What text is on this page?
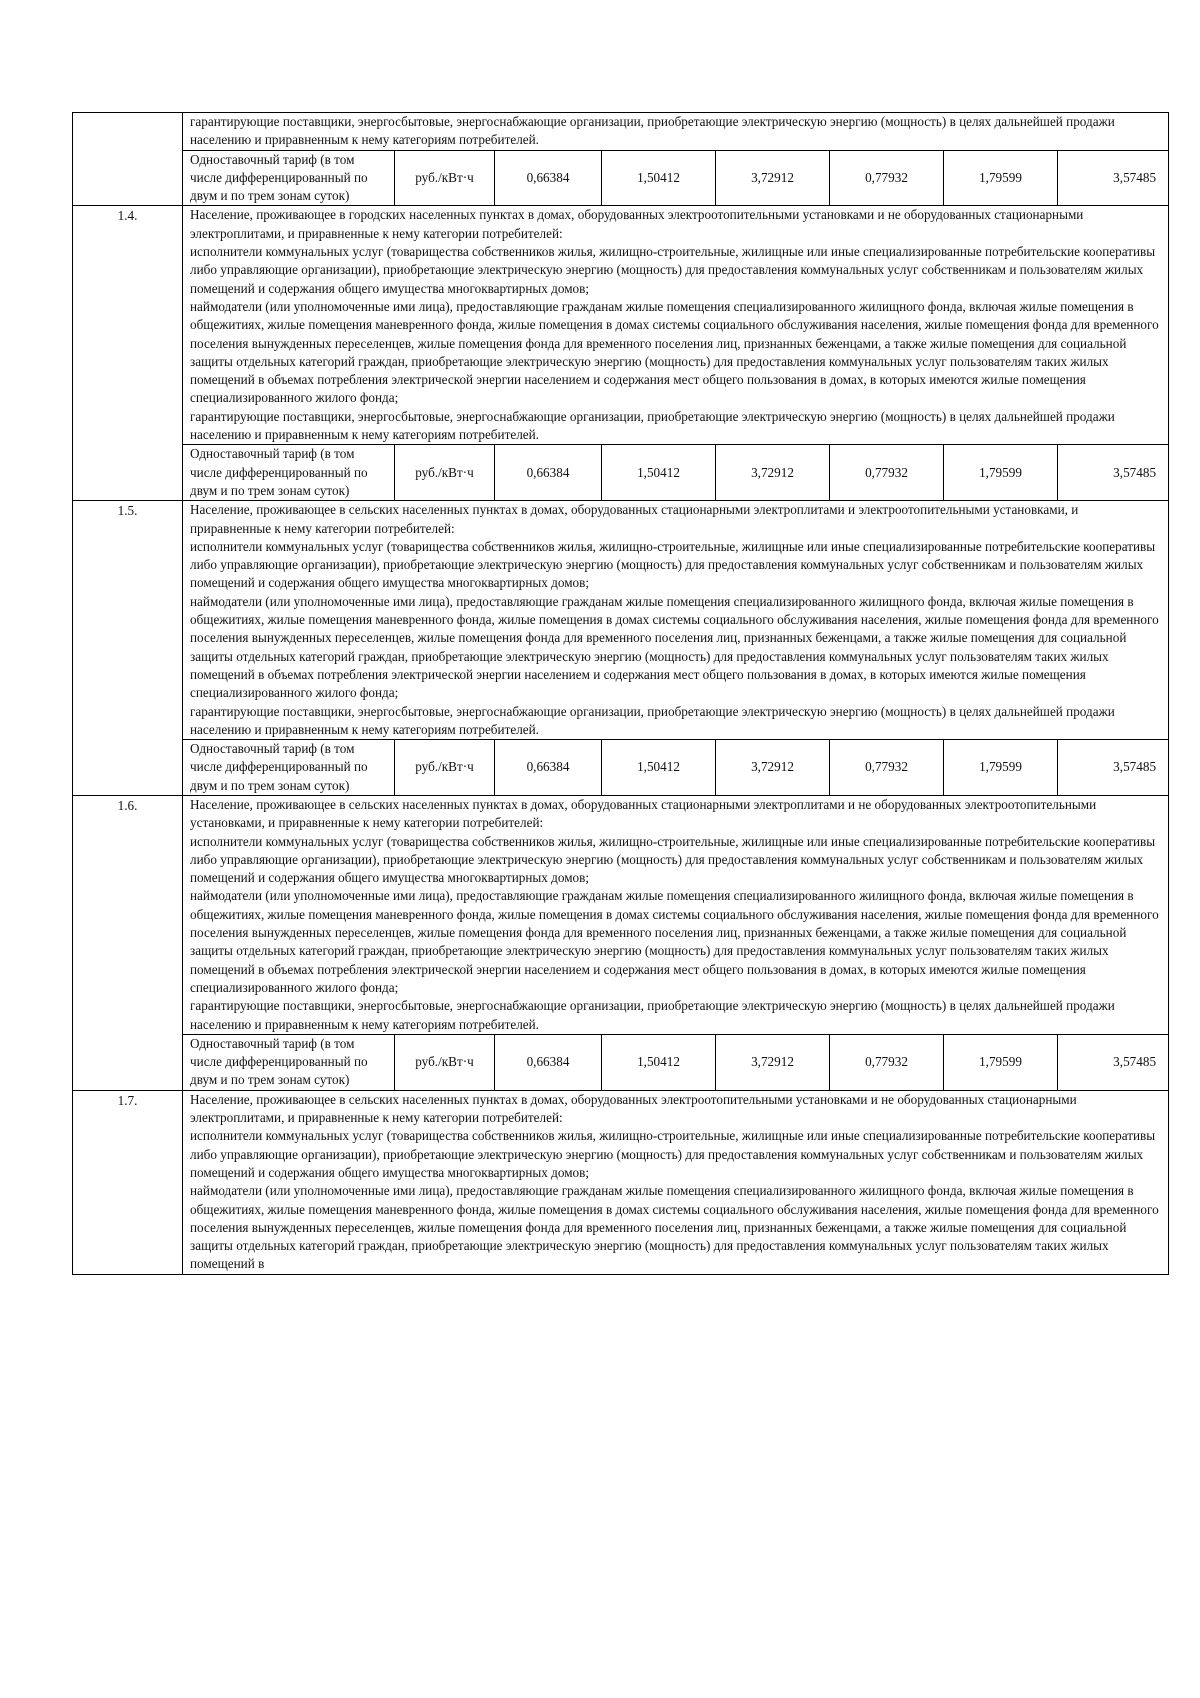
	гарантирующие поставщики, энергосбытовые, энергоснабжающие организации, приобретающие электрическую энергию (мощность) в целях дальнейшей продажи населению и приравненным к нему категориям потребителей.							

	Одноставочный тариф (в том числе дифференцированный по двум и по трем зонам суток)	руб./кВт·ч	0,66384	1,50412	3,72912	0,77932	1,79599	3,57485
1.4.	Население, проживающее в городских населенных пунктах в домах, оборудованных электроотопительными установками и не оборудованных стационарными электроплитами, и приравненные к нему категории потребителей:
исполнители коммунальных услуг (товарищества собственников жилья, жилищно-строительные, жилищные или иные специализированные потребительские кооперативы либо управляющие организации), приобретающие электрическую энергию (мощность) для предоставления коммунальных услуг собственникам и пользователям жилых помещений и содержания общего имущества многоквартирных домов;
наймодатели (или уполномоченные ими лица), предоставляющие гражданам жилые помещения специализированного жилищного фонда, включая жилые помещения в общежитиях, жилые помещения маневренного фонда, жилые помещения в домах системы социального обслуживания населения, жилые помещения фонда для временного поселения вынужденных переселенцев, жилые помещения фонда для временного поселения лиц, признанных беженцами, а также жилые помещения для социальной защиты отдельных категорий граждан, приобретающие электрическую энергию (мощность) для предоставления коммунальных услуг пользователям таких жилых помещений в объемах потребления электрической энергии населением и содержания мест общего пользования в домах, в которых имеются жилые помещения специализированного жилого фонда;
гарантирующие поставщики, энергосбытовые, энергоснабжающие организации, приобретающие электрическую энергию (мощность) в целях дальнейшей продажи населению и приравненным к нему категориям потребителей.							

	Одноставочный тариф (в том числе дифференцированный по двум и по трем зонам суток)	руб./кВт·ч	0,66384	1,50412	3,72912	0,77932	1,79599	3,57485
1.5.	Население, проживающее в сельских населенных пунктах в домах, оборудованных стационарными электроплитами и электроотопительными установками, и приравненные к нему категории потребителей:
исполнители коммунальных услуг (товарищества собственников жилья, жилищно-строительные, жилищные или иные специализированные потребительские кооперативы либо управляющие организации), приобретающие электрическую энергию (мощность) для предоставления коммунальных услуг собственникам и пользователям жилых помещений и содержания общего имущества многоквартирных домов;
наймодатели (или уполномоченные ими лица), предоставляющие гражданам жилые помещения специализированного жилищного фонда, включая жилые помещения в общежитиях, жилые помещения маневренного фонда, жилые помещения в домах системы социального обслуживания населения, жилые помещения фонда для временного поселения вынужденных переселенцев, жилые помещения фонда для временного поселения лиц, признанных беженцами, а также жилые помещения для социальной защиты отдельных категорий граждан, приобретающие электрическую энергию (мощность) для предоставления коммунальных услуг пользователям таких жилых помещений в объемах потребления электрической энергии населением и содержания мест общего пользования в домах, в которых имеются жилые помещения специализированного жилого фонда;
гарантирующие поставщики, энергосбытовые, энергоснабжающие организации, приобретающие электрическую энергию (мощность) в целях дальнейшей продажи населению и приравненным к нему категориям потребителей.							

	Одноставочный тариф (в том числе дифференцированный по двум и по трем зонам суток)	руб./кВт·ч	0,66384	1,50412	3,72912	0,77932	1,79599	3,57485
1.6.	Население, проживающее в сельских населенных пунктах в домах, оборудованных стационарными электроплитами и не оборудованных электроотопительными установками, и приравненные к нему категории потребителей:
исполнители коммунальных услуг (товарищества собственников жилья, жилищно-строительные, жилищные или иные специализированные потребительские кооперативы либо управляющие организации), приобретающие электрическую энергию (мощность) для предоставления коммунальных услуг собственникам и пользователям жилых помещений и содержания общего имущества многоквартирных домов;
наймодатели (или уполномоченные ими лица), предоставляющие гражданам жилые помещения специализированного жилищного фонда, включая жилые помещения в общежитиях, жилые помещения маневренного фонда, жилые помещения в домах системы социального обслуживания населения, жилые помещения фонда для временного поселения вынужденных переселенцев, жилые помещения фонда для временного поселения лиц, признанных беженцами, а также жилые помещения для социальной защиты отдельных категорий граждан, приобретающие электрическую энергию (мощность) для предоставления коммунальных услуг пользователям таких жилых помещений в объемах потребления электрической энергии населением и содержания мест общего пользования в домах, в которых имеются жилые помещения специализированного жилого фонда;
гарантирующие поставщики, энергосбытовые, энергоснабжающие организации, приобретающие электрическую энергию (мощность) в целях дальнейшей продажи населению и приравненным к нему категориям потребителей.							

	Одноставочный тариф (в том числе дифференцированный по двум и по трем зонам суток)	руб./кВт·ч	0,66384	1,50412	3,72912	0,77932	1,79599	3,57485
1.7.	Население, проживающее в сельских населенных пунктах в домах, оборудованных электроотопительными установками и не оборудованных стационарными электроплитами, и приравненные к нему категории потребителей:
исполнители коммунальных услуг (товарищества собственников жилья, жилищно-строительные, жилищные или иные специализированные потребительские кооперативы либо управляющие организации), приобретающие электрическую энергию (мощность) для предоставления коммунальных услуг собственникам и пользователям жилых помещений и содержания общего имущества многоквартирных домов;
наймодатели (или уполномоченные ими лица), предоставляющие гражданам жилые помещения специализированного жилищного фонда, включая жилые помещения в общежитиях, жилые помещения маневренного фонда, жилые помещения в домах системы социального обслуживания населения, жилые помещения фонда для временного поселения вынужденных переселенцев, жилые помещения фонда для временного поселения лиц, признанных беженцами, а также жилые помещения для социальной защиты отдельных категорий граждан, приобретающие электрическую энергию (мощность) для предоставления коммунальных услуг пользователям таких жилых помещений в							
